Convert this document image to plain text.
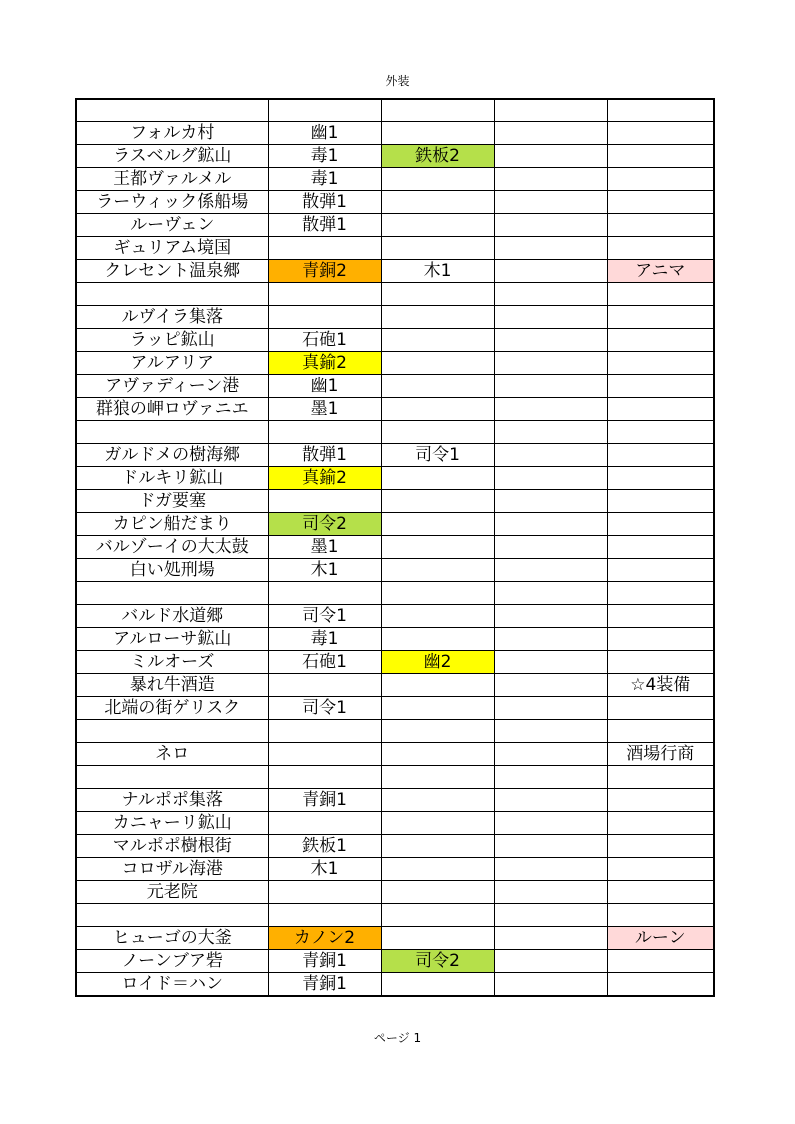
外装

フォルカ村	幽1			
ラスベルグ鉱山	毒1	鉄板2		
王都ヴァルメル	毒1			
ラーウィック係船場	散弾1			
ルーヴェン	散弾1			
ギュリアム境国				
クレセント温泉郷	青銅2	木1		アニマ

ルヴイラ集落				
ラッピ鉱山	石砲1			
アルアリア	真鍮2			
アヴァディーン港	幽1			
群狼の岬ロヴァニエ	墨1			

ガルドメの樹海郷	散弾1	司令1		
ドルキリ鉱山	真鍮2			
ドガ要塞				
カピン船だまり	司令2			
バルゾーイの大太鼓	墨1			
白い処刑場	木1			

バルド水道郷	司令1			
アルローサ鉱山	毒1			
ミルオーズ	石砲1	幽2		
暴れ牛酒造				☆4装備
北端の街ゲリスク	司令1			

ネロ				酒場行商

ナルポポ集落	青銅1			
カニャーリ鉱山				
マルポポ樹根街	鉄板1			
コロザル海港	木1			
元老院				

ヒューゴの大釜	カノン2			ルーン
ノーンブア砦	青銅1	司令2		
ロイド＝ハン	青銅1			
ページ 1
